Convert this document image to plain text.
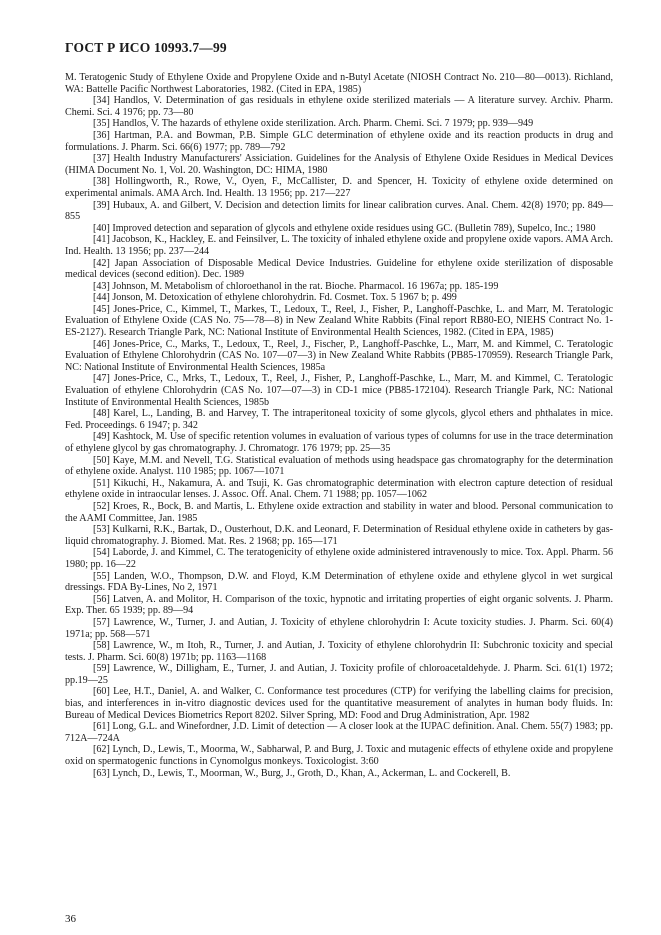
ГОСТ Р ИСО 10993.7—99

M. Teratogenic Study of Ethylene Oxide and Propylene Oxide and n-Butyl Acetate (NIOSH Contract No. 210—80—0013). Richland, WA: Battelle Pacific Northwest Laboratories, 1982. (Cited in EPA, 1985)

[34] Handlos, V. Determination of gas residuals in ethylene oxide sterilized materials — A literature survey. Archiv. Pharm. Chemi. Sci. 4 1976; pp. 73—80

[35] Handlos, V. The hazards of ethylene oxide sterilization. Arch. Pharm. Chemi. Sci. 7 1979; pp. 939—949

[36] Hartman, P.A. and Bowman, P.B. Simple GLC determination of ethylene oxide and its reaction products in drug and formulations. J. Pharm. Sci. 66(6) 1977; pp. 789—792

[37] Health Industry Manufacturers' Assiciation. Guidelines for the Analysis of Ethylene Oxide Residues in Medical Devices (HIMA Document No. 1, Vol. 20. Washington, DC: HIMA, 1980

[38] Hollingworth, R., Rowe, V., Oyen, F., McCallister, D. and Spencer, H. Toxicity of ethylene oxide determined on experimental animals. AMA Arch. Ind. Health. 13 1956; pp. 217—227

[39] Hubaux, A. and Gilbert, V. Decision and detection limits for linear calibration curves. Anal. Chem. 42(8) 1970; pp. 849—855

[40] Improved detection and separation of glycols and ethylene oxide residues using GC. (Bulletin 789), Supelco, Inc.; 1980

[41] Jacobson, K., Hackley, E. and Feinsilver, L. The toxicity of inhaled ethylene oxide and propylene oxide vapors. AMA Arch. Ind. Health. 13 1956; pp. 237—244

[42] Japan Association of Disposable Medical Device Industries. Guideline for ethylene oxide sterilization of disposable medical devices (second edition). Dec. 1989

[43] Johnson, M. Metabolism of chloroethanol in the rat. Bioche. Pharmacol. 16 1967a; pp. 185-199

[44] Jonson, M. Detoxication of ethylene chlorohydrin. Fd. Cosmet. Tox. 5 1967 b; p. 499

[45] Jones-Price, C., Kimmel, T., Markes, T., Ledoux, T., Reel, J., Fisher, P., Langhoff-Paschke, L. and Marr, M. Teratologic Evaluation of Ethylene Oxide (CAS No. 75—78—8) in New Zealand White Rabbits (Final report RB80-EO, NIEHS Contract No. 1-ES-2127). Research Triangle Park, NC: National Institute of Environmental Health Sciences, 1982. (Cited in EPA, 1985)

[46] Jones-Price, C., Marks, T., Ledoux, T., Reel, J., Fischer, P., Langhoff-Paschke, L., Marr, M. and Kimmel, C. Teratologic Evaluation of Ethylene Chlorohydrin (CAS No. 107—07—3) in New Zealand White Rabbits (PB85-170959). Research Triangle Park, NC: National Institute of Environmental Health Sciences, 1985a

[47] Jones-Price, C., Mrks, T., Ledoux, T., Reel, J., Fisher, P., Langhoff-Paschke, L., Marr, M. and Kimmel, C. Teratologic Evaluation of ethylene Chlorohydrin (CAS No. 107—07—3) in CD-1 mice (PB85-172104). Research Triangle Park, NC: National Institute of Environmental Health Sciences, 1985b

[48] Karel, L., Landing, B. and Harvey, T. The intraperitoneal toxicity of some glycols, glycol ethers and phthalates in mice. Fed. Proceedings. 6 1947; p. 342

[49] Kashtock, M. Use of specific retention volumes in evaluation of various types of columns for use in the trace determination of ethylene glycol by gas chromatography. J. Chromatogr. 176 1979; pp. 25—35

[50] Kaye, M.M. and Nevell, T.G. Statistical evaluation of methods using headspace gas chromatography for the determination of ethylene oxide. Analyst. 110 1985; pp. 1067—1071

[51] Kikuchi, H., Nakamura, A. and Tsuji, K. Gas chromatographic determination with electron capture detection of residual ethylene oxide in intraocular lenses. J. Assoc. Off. Anal. Chem. 71 1988; pp. 1057—1062

[52] Kroes, R., Bock, B. and Martis, L. Ethylene oxide extraction and stability in water and blood. Personal communication to the AAMI Committee, Jan. 1985

[53] Kulkarni, R.K., Bartak, D., Ousterhout, D.K. and Leonard, F. Determination of Residual ethylene oxide in catheters by gas-liquid chromatography. J. Biomed. Mat. Res. 2 1968; pp. 165—171

[54] Laborde, J. and Kimmel, C. The teratogenicity of ethylene oxide administered intravenously to mice. Tox. Appl. Pharm. 56 1980; pp. 16—22

[55] Landen, W.O., Thompson, D.W. and Floyd, K.M Determination of ethylene oxide and ethylene glycol in wet surgical dressings. FDA By-Lines, No 2, 1971

[56] Latven, A. and Molitor, H. Comparison of the toxic, hypnotic and irritating properties of eight organic solvents. J. Pharm. Exp. Ther. 65 1939; pp. 89—94

[57] Lawrence, W., Turner, J. and Autian, J. Toxicity of ethylene chlorohydrin I: Acute toxicity studies. J. Pharm. Sci. 60(4) 1971a; pp. 568—571

[58] Lawrence, W., m Itoh, R., Turner, J. and Autian, J. Toxicity of ethylene chlorohydrin II: Subchronic toxicity and special tests. J. Pharm. Sci. 60(8) 1971b; pp. 1163—1168

[59] Lawrence, W., Dilligham, E., Turner, J. and Autian, J. Toxicity profile of chloroacetaldehyde. J. Pharm. Sci. 61(1) 1972; pp.19—25

[60] Lee, H.T., Daniel, A. and Walker, C. Conformance test procedures (CTP) for verifying the labelling claims for precision, bias, and interferences in in-vitro diagnostic devices used for the quantitative measurement of analytes in human body fluids. In: Bureau of Medical Devices Biometrics Report 8202. Silver Spring, MD: Food and Drug Administration, Apr. 1982

[61] Long, G.L. and Winefordner, J.D. Limit of detection — A closer look at the IUPAC definition. Anal. Chem. 55(7) 1983; pp. 712A—724A

[62] Lynch, D., Lewis, T., Moorma, W., Sabharwal, P. and Burg, J. Toxic and mutagenic effects of ethylene oxide and propylene oxid on spermatogenic functions in Cynomolgus monkeys. Toxicologist. 3:60

[63] Lynch, D., Lewis, T., Moorman, W., Burg, J., Groth, D., Khan, A., Ackerman, L. and Cockerell, B.

36
